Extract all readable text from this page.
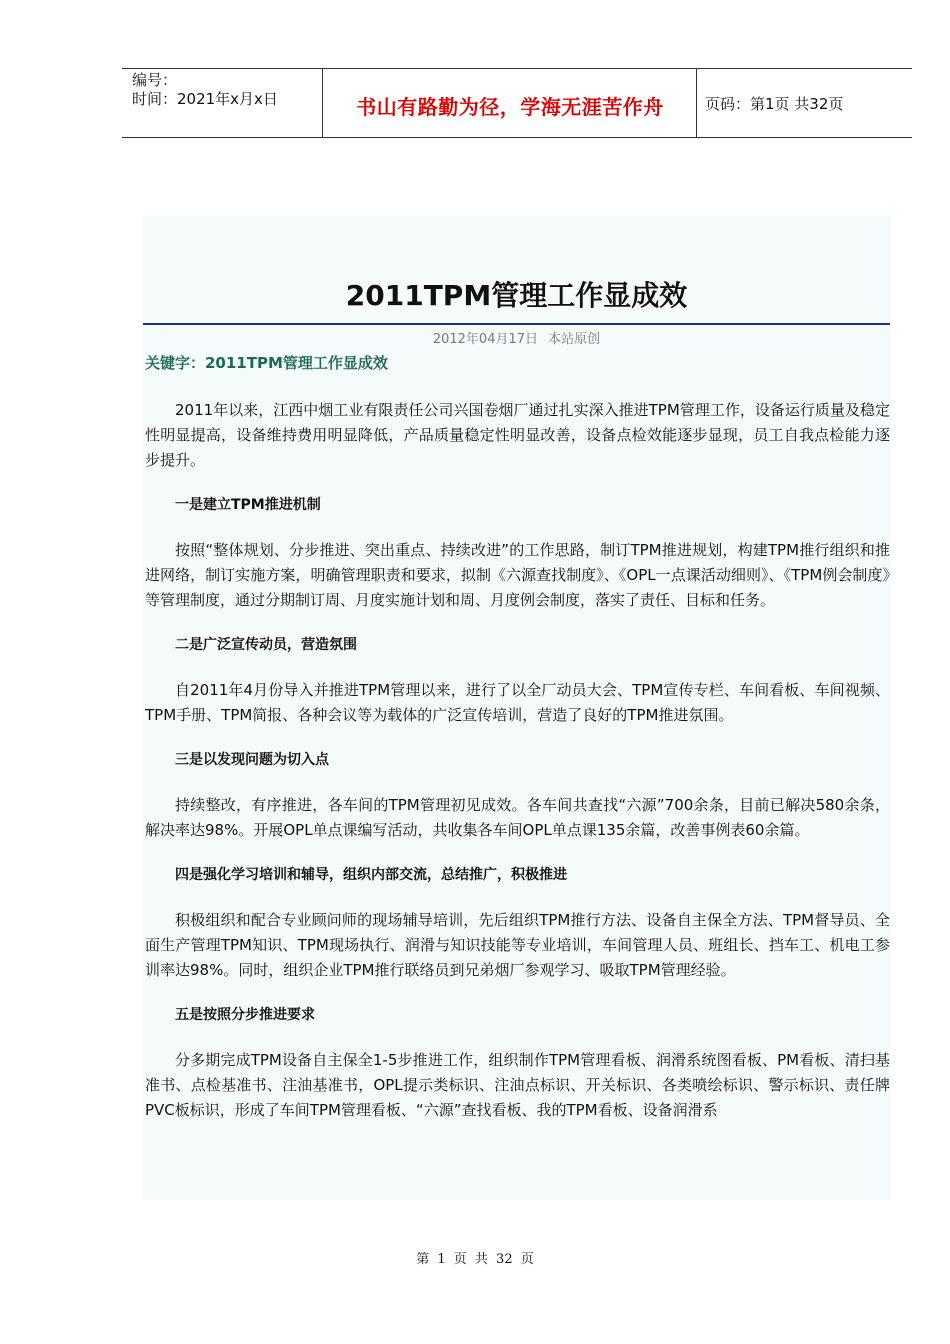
编号：
时间：2021年x月x日	书山有路勤为径，学海无涯苦作舟	页码：第1页 共32页
2011TPM管理工作显成效
2012年04月17日 本站原创
关键字：2011TPM管理工作显成效

2011年以来，江西中烟工业有限责任公司兴国卷烟厂通过扎实深入推进TPM管理工作，设备运行质量及稳定性明显提高，设备维持费用明显降低，产品质量稳定性明显改善，设备点检效能逐步显现，员工自我点检能力逐步提升。

一是建立TPM推进机制

按照“整体规划、分步推进、突出重点、持续改进”的工作思路，制订TPM推进规划，构建TPM推行组织和推进网络，制订实施方案，明确管理职责和要求，拟制《六源查找制度》、《OPL一点课活动细则》、《TPM例会制度》等管理制度，通过分期制订周、月度实施计划和周、月度例会制度，落实了责任、目标和任务。

二是广泛宣传动员，营造氛围

自2011年4月份导入并推进TPM管理以来，进行了以全厂动员大会、TPM宣传专栏、车间看板、车间视频、TPM手册、TPM简报、各种会议等为载体的广泛宣传培训，营造了良好的TPM推进氛围。

三是以发现问题为切入点

持续整改，有序推进，各车间的TPM管理初见成效。各车间共查找“六源”700余条，目前已解决580余条，解决率达98%。开展OPL单点课编写活动，共收集各车间OPL单点课135余篇，改善事例表60余篇。

四是强化学习培训和辅导，组织内部交流，总结推广，积极推进

积极组织和配合专业顾问师的现场辅导培训，先后组织TPM推行方法、设备自主保全方法、TPM督导员、全面生产管理TPM知识、TPM现场执行、润滑与知识技能等专业培训，车间管理人员、班组长、挡车工、机电工参训率达98%。同时，组织企业TPM推行联络员到兄弟烟厂参观学习、吸取TPM管理经验。

五是按照分步推进要求

分多期完成TPM设备自主保全1-5步推进工作，组织制作TPM管理看板、润滑系统图看板、PM看板、清扫基准书、点检基准书、注油基准书，OPL提示类标识、注油点标识、开关标识、各类喷绘标识、警示标识、责任牌PVC板标识，形成了车间TPM管理看板、“六源”查找看板、我的TPM看板、设备润滑系

第 1 页 共 32 页
